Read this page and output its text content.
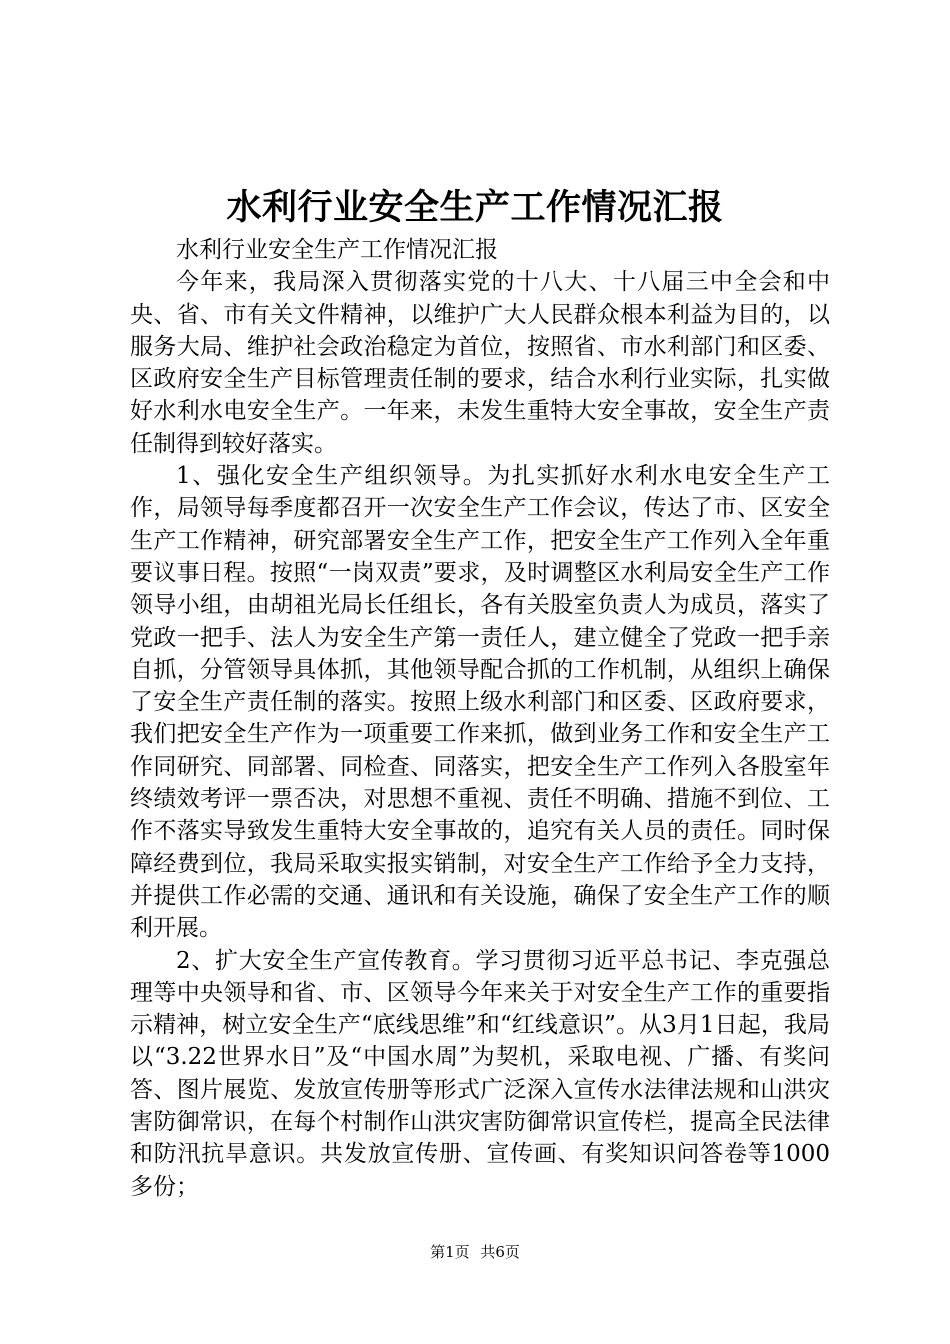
水利行业安全生产工作情况汇报

水利行业安全生产工作情况汇报

今年来，我局深入贯彻落实党的十八大、十八届三中全会和中央、省、市有关文件精神，以维护广大人民群众根本利益为目的，以服务大局、维护社会政治稳定为首位，按照省、市水利部门和区委、区政府安全生产目标管理责任制的要求，结合水利行业实际，扎实做好水利水电安全生产。一年来，未发生重特大安全事故，安全生产责任制得到较好落实。

1、强化安全生产组织领导。为扎实抓好水利水电安全生产工作，局领导每季度都召开一次安全生产工作会议，传达了市、区安全生产工作精神，研究部署安全生产工作，把安全生产工作列入全年重要议事日程。按照“一岗双责”要求，及时调整区水利局安全生产工作领导小组，由胡祖光局长任组长，各有关股室负责人为成员，落实了党政一把手、法人为安全生产第一责任人，建立健全了党政一把手亲自抓，分管领导具体抓，其他领导配合抓的工作机制，从组织上确保了安全生产责任制的落实。按照上级水利部门和区委、区政府要求，我们把安全生产作为一项重要工作来抓，做到业务工作和安全生产工作同研究、同部署、同检查、同落实，把安全生产工作列入各股室年终绩效考评一票否决，对思想不重视、责任不明确、措施不到位、工作不落实导致发生重特大安全事故的，追究有关人员的责任。同时保障经费到位，我局采取实报实销制，对安全生产工作给予全力支持，并提供工作必需的交通、通讯和有关设施，确保了安全生产工作的顺利开展。

2、扩大安全生产宣传教育。学习贯彻习近平总书记、李克强总理等中央领导和省、市、区领导今年来关于对安全生产工作的重要指示精神，树立安全生产“底线思维”和“红线意识”。从3月1日起，我局以“3.22世界水日”及“中国水周”为契机，采取电视、广播、有奖问答、图片展览、发放宣传册等形式广泛深入宣传水法律法规和山洪灾害防御常识，在每个村制作山洪灾害防御常识宣传栏，提高全民法律和防汛抗旱意识。共发放宣传册、宣传画、有奖知识问答卷等1000多份；

第1页 共6页
